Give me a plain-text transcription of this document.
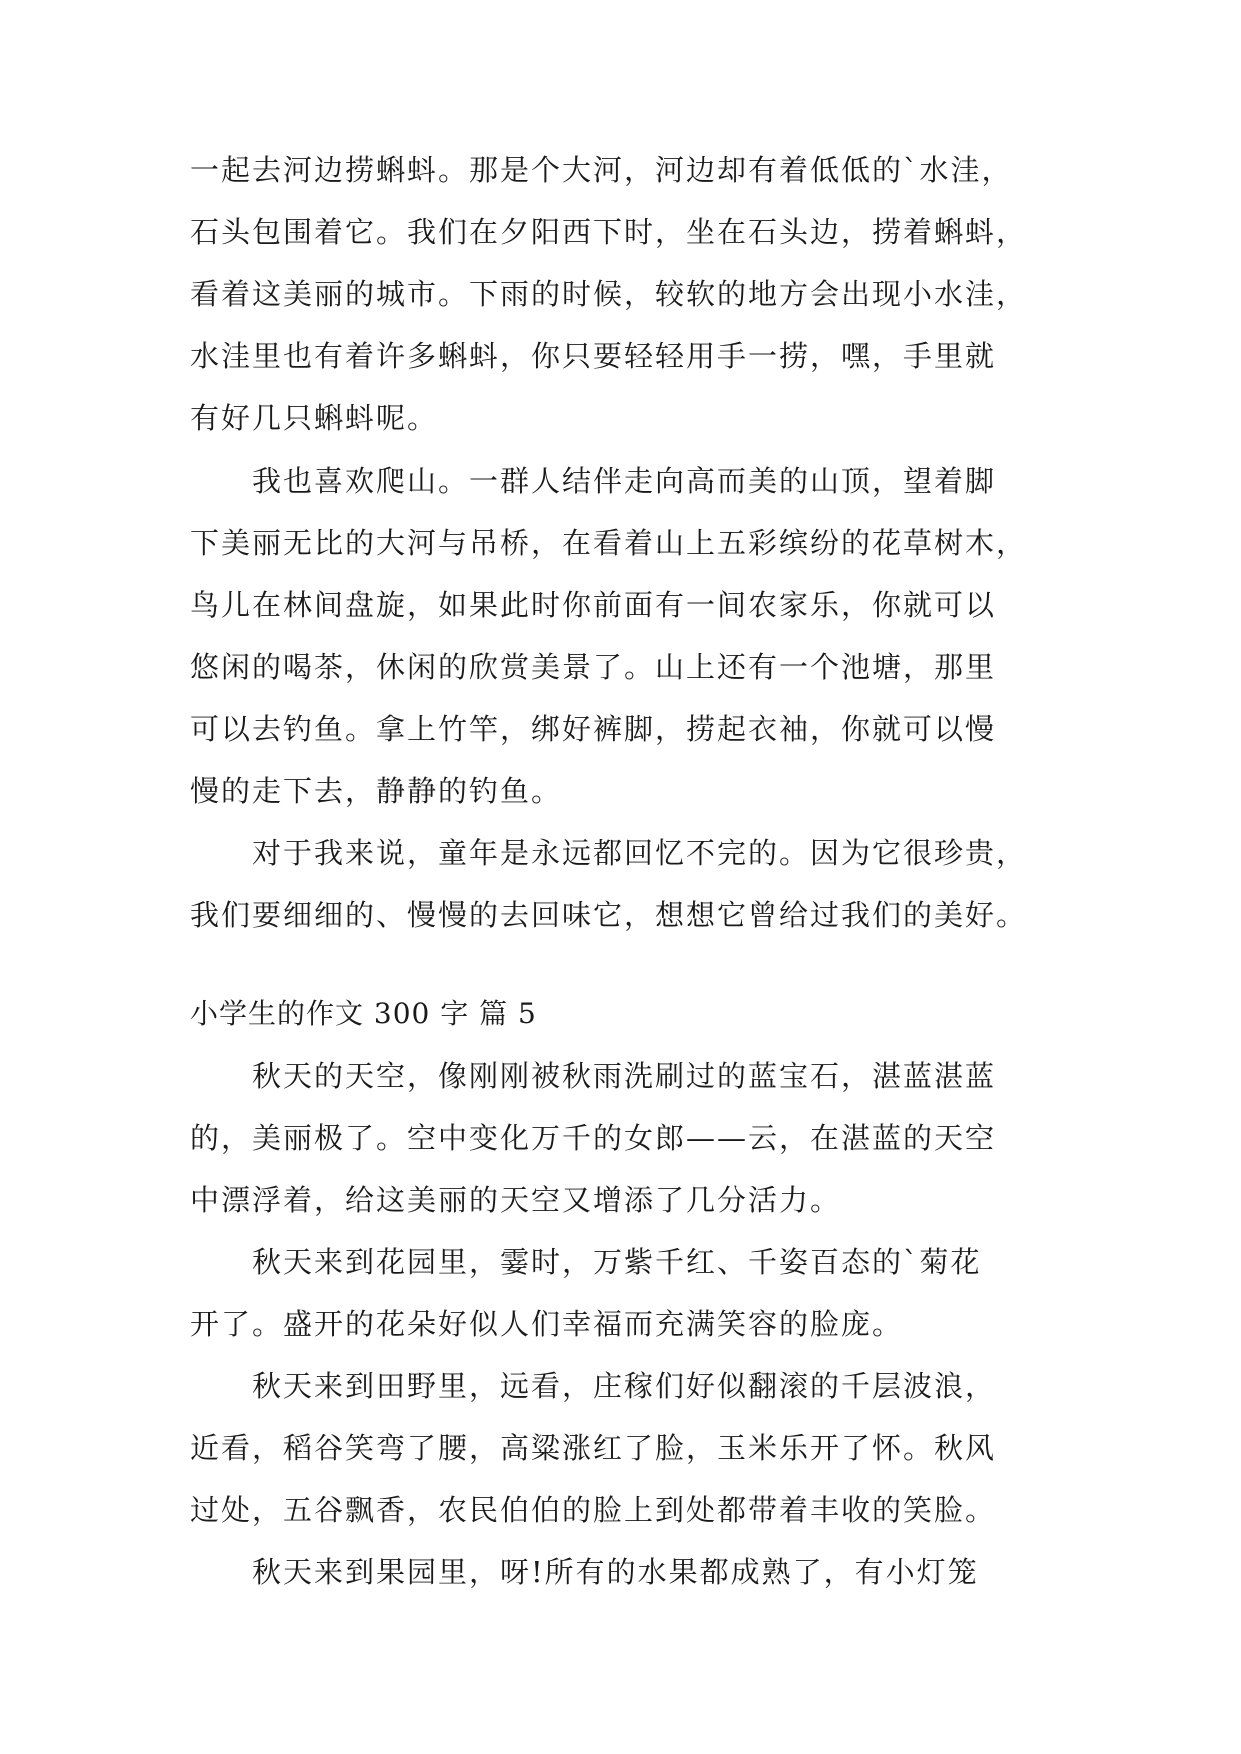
一起去河边捞蝌蚪。那是个大河，河边却有着低低的`水洼，
石头包围着它。我们在夕阳西下时，坐在石头边，捞着蝌蚪，
看着这美丽的城市。下雨的时候，较软的地方会出现小水洼，
水洼里也有着许多蝌蚪，你只要轻轻用手一捞，嘿，手里就
有好几只蝌蚪呢。
我也喜欢爬山。一群人结伴走向高而美的山顶，望着脚
下美丽无比的大河与吊桥，在看着山上五彩缤纷的花草树木，
鸟儿在林间盘旋，如果此时你前面有一间农家乐，你就可以
悠闲的喝茶，休闲的欣赏美景了。山上还有一个池塘，那里
可以去钓鱼。拿上竹竿，绑好裤脚，捞起衣袖，你就可以慢
慢的走下去，静静的钓鱼。
对于我来说，童年是永远都回忆不完的。因为它很珍贵，
我们要细细的、慢慢的去回味它，想想它曾给过我们的美好。
小学生的作文 300 字 篇 5
秋天的天空，像刚刚被秋雨洗刷过的蓝宝石，湛蓝湛蓝
的，美丽极了。空中变化万千的女郎——云，在湛蓝的天空
中漂浮着，给这美丽的天空又增添了几分活力。
秋天来到花园里，霎时，万紫千红、千姿百态的`菊花
开了。盛开的花朵好似人们幸福而充满笑容的脸庞。
秋天来到田野里，远看，庄稼们好似翻滚的千层波浪，
近看，稻谷笑弯了腰，高粱涨红了脸，玉米乐开了怀。秋风
过处，五谷飘香，农民伯伯的脸上到处都带着丰收的笑脸。
秋天来到果园里，呀!所有的水果都成熟了，有小灯笼
